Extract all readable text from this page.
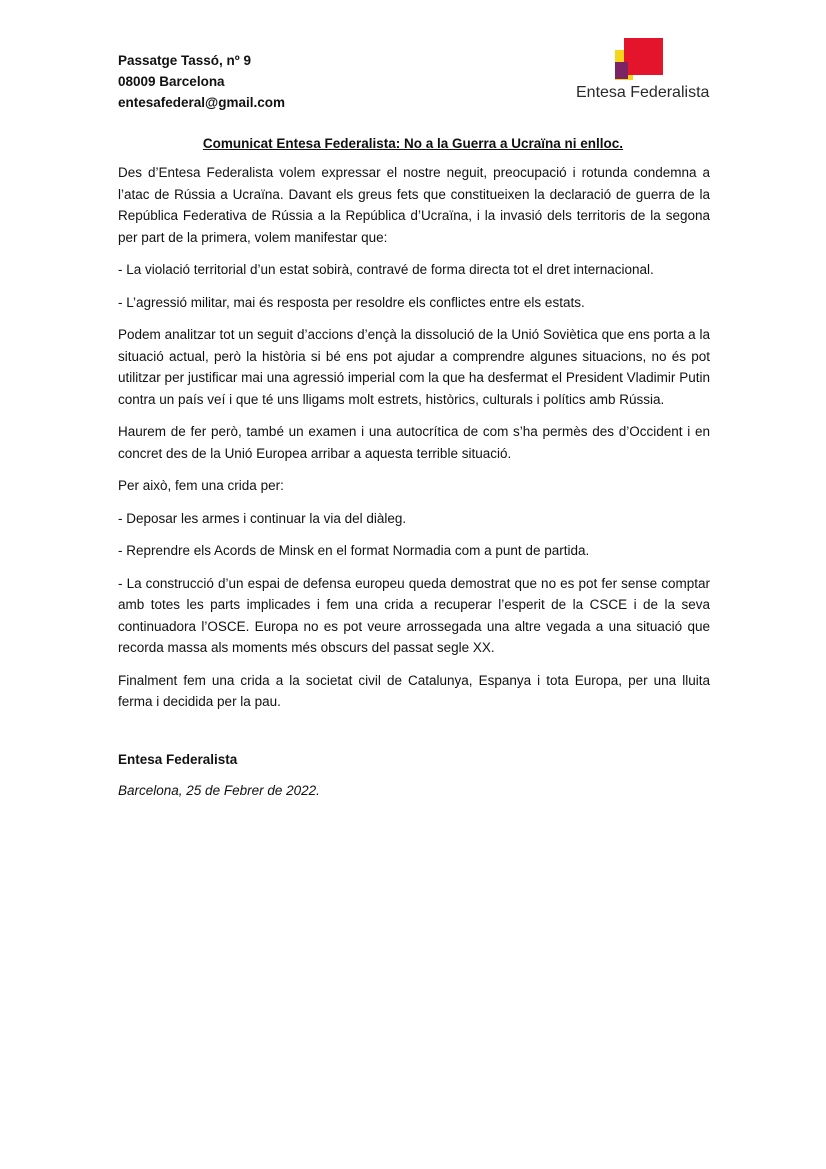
Passatge Tassó, nº 9
08009 Barcelona
entesafederal@gmail.com
Entesa Federalista
Comunicat Entesa Federalista: No a la Guerra a Ucraïna ni enlloc.

Des d’Entesa Federalista volem expressar el nostre neguit, preocupació i rotunda condemna a l’atac de Rússia a Ucraïna. Davant els greus fets que constitueixen la declaració de guerra de la República Federativa de Rússia a la República d’Ucraïna, i la invasió dels territoris de la segona per part de la primera, volem manifestar que:

- La violació territorial d’un estat sobirà, contravé de forma directa tot el dret internacional.

- L’agressió militar, mai és resposta per resoldre els conflictes entre els estats.

Podem analitzar tot un seguit d’accions d’ençà la dissolució de la Unió Soviètica que ens porta a la situació actual, però la història si bé ens pot ajudar a comprendre algunes situacions, no és pot utilitzar per justificar mai una agressió imperial com la que ha desfermat el President Vladimir Putin contra un país veí i que té uns lligams molt estrets, històrics, culturals i polítics amb Rússia.

Haurem de fer però, també un examen i una autocrítica de com s’ha permès des d’Occident i en concret des de la Unió Europea arribar a aquesta terrible situació.

Per això, fem una crida per:

- Deposar les armes i continuar la via del diàleg.

- Reprendre els Acords de Minsk en el format Normadia com a punt de partida.

- La construcció d’un espai de defensa europeu queda demostrat que no es pot fer sense comptar amb totes les parts implicades i fem una crida a recuperar l’esperit de la CSCE i de la seva continuadora l’OSCE. Europa no es pot veure arrossegada una altre vegada a una situació que recorda massa als moments més obscurs del passat segle XX.

Finalment fem una crida a la societat civil de Catalunya, Espanya i tota Europa, per una lluita ferma i decidida per la pau.

Entesa Federalista
Barcelona, 25 de Febrer de 2022.
